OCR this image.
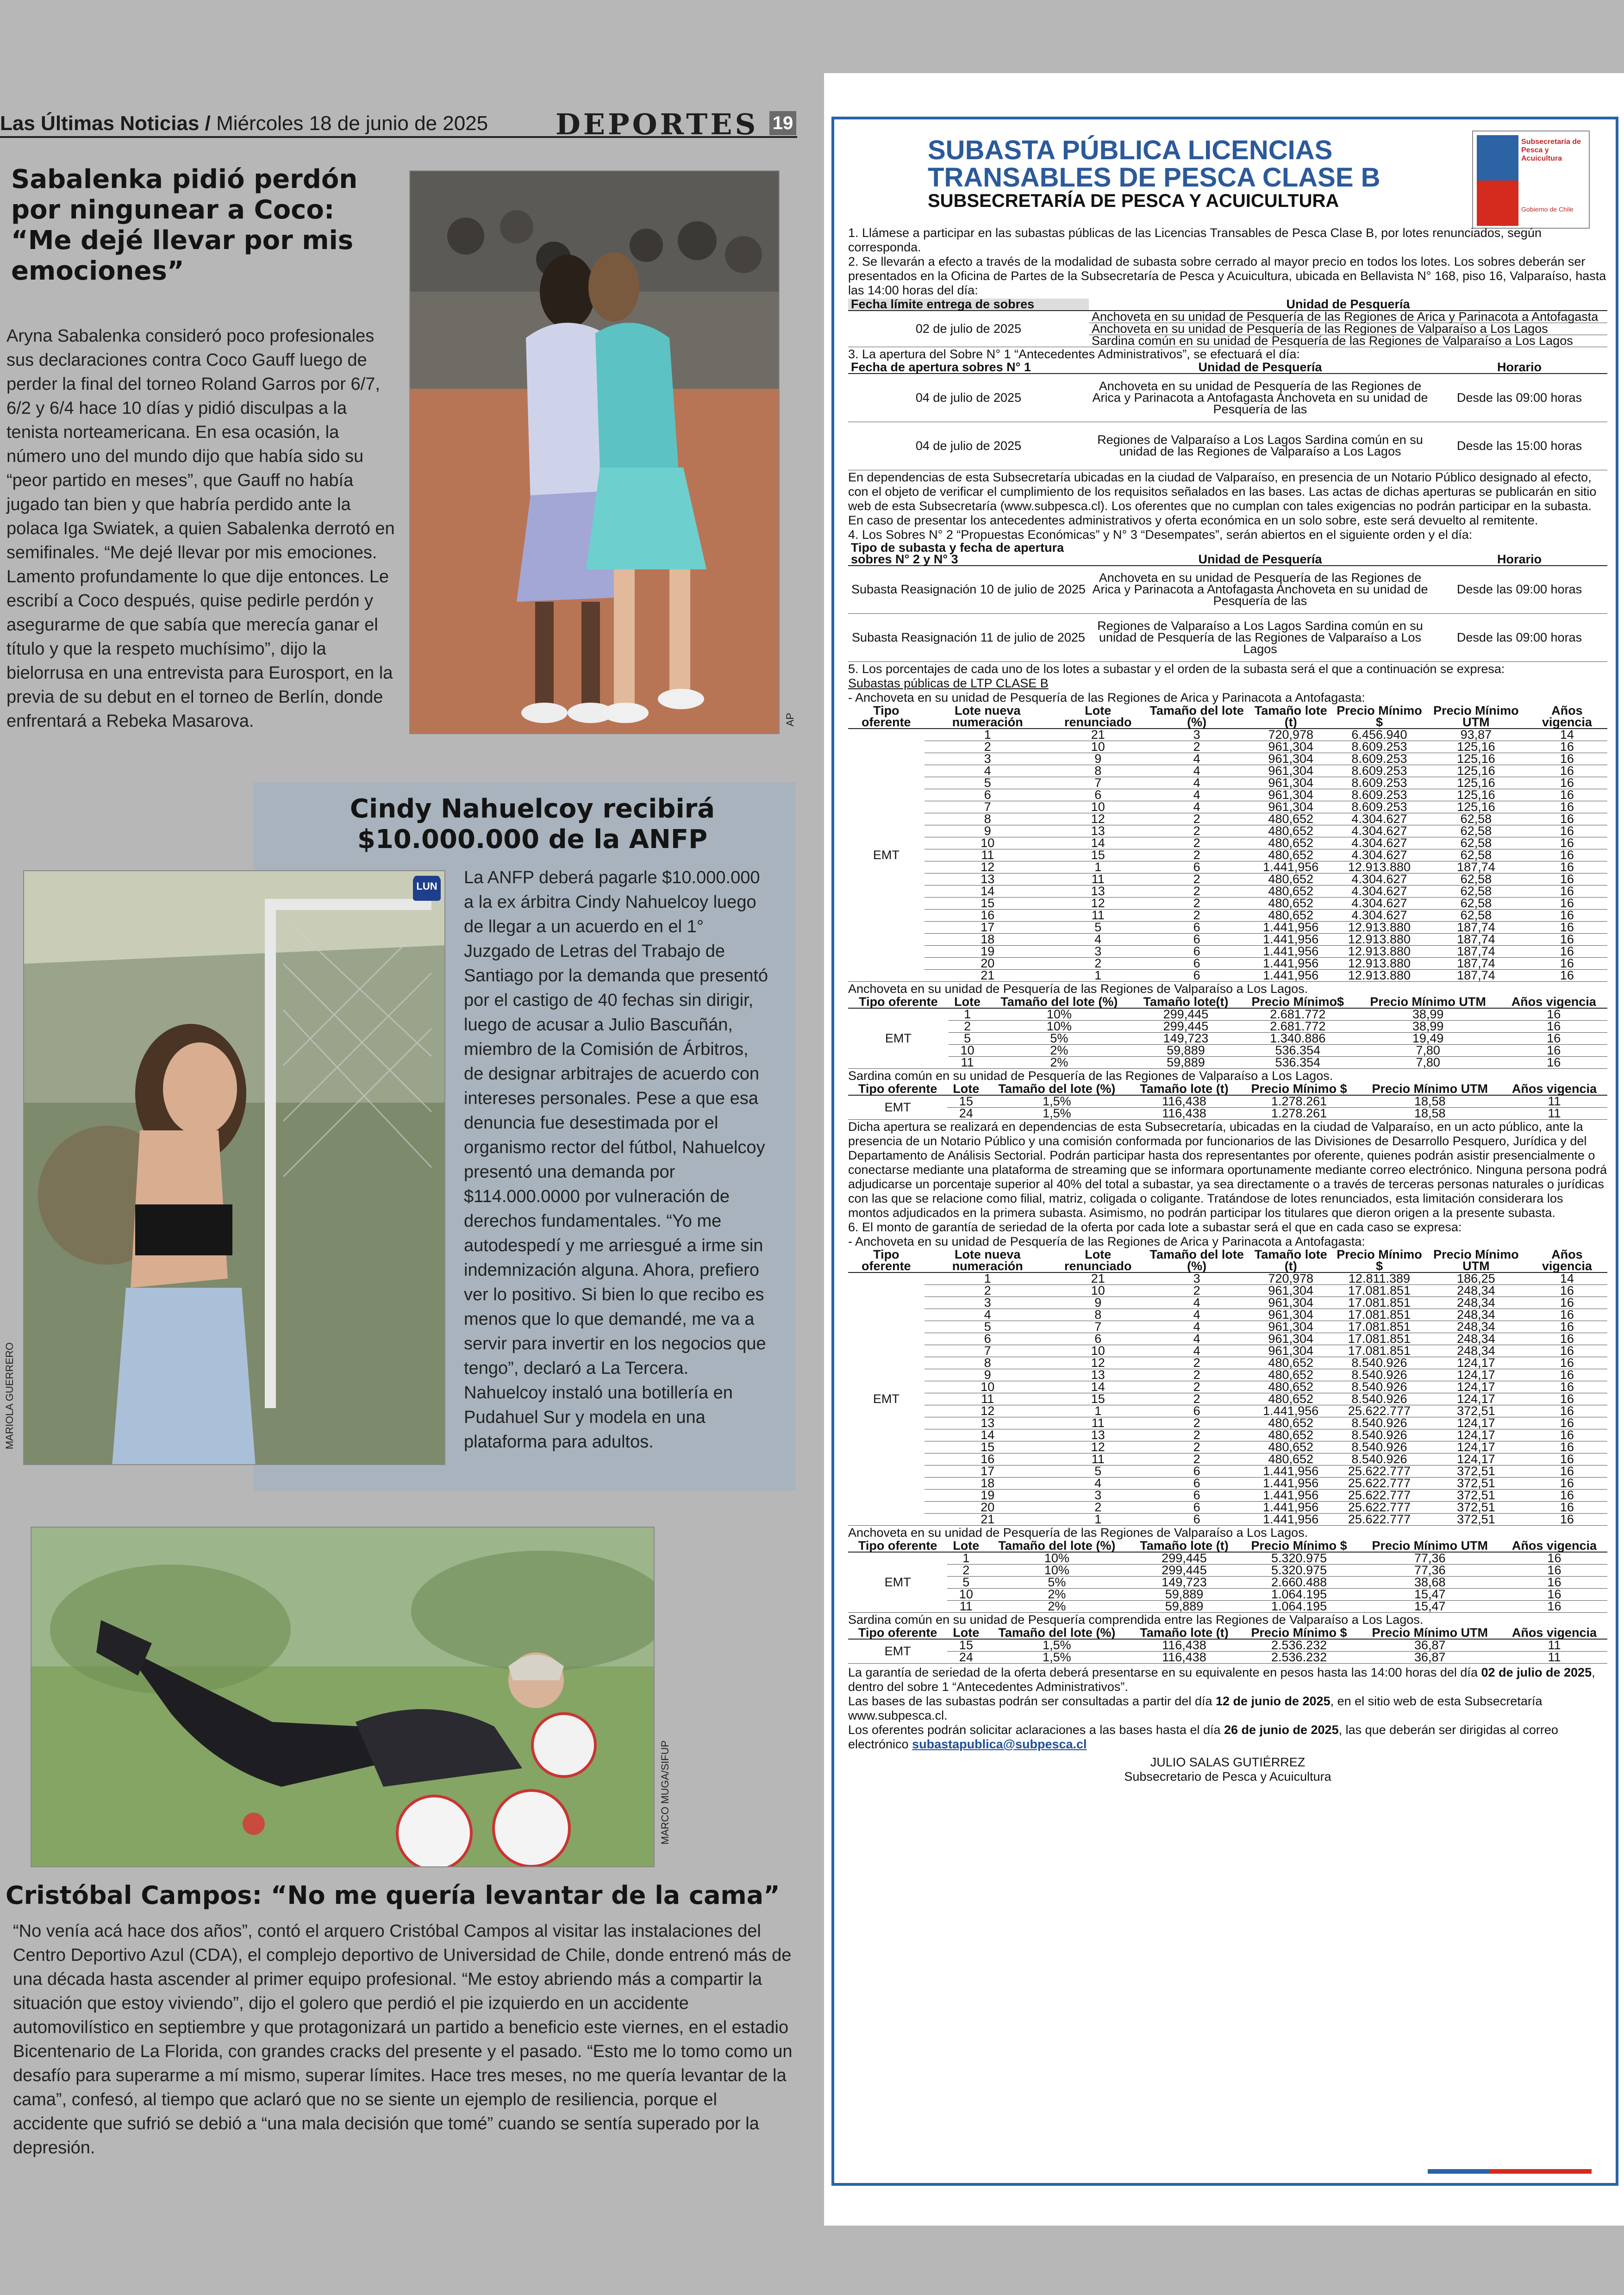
Las Últimas Noticias / Miércoles 18 de junio de 2025 DEPORTES 19
Sabalenka pidió perdón por ningunear a Coco: “Me dejé llevar por mis emociones”

Aryna Sabalenka consideró poco profesionales sus declaraciones contra Coco Gauff luego de perder la final del torneo Roland Garros por 6/7, 6/2 y 6/4 hace 10 días y pidió disculpas a la tenista norteamericana. En esa ocasión, la número uno del mundo dijo que había sido su “peor partido en meses”, que Gauff no había jugado tan bien y que habría perdido ante la polaca Iga Swiatek, a quien Sabalenka derrotó en semifinales. “Me dejé llevar por mis emociones. Lamento profundamente lo que dije entonces. Le escribí a Coco después, quise pedirle perdón y asegurarme de que sabía que merecía ganar el título y que la respeto muchísimo”, dijo la bielorrusa en una entrevista para Eurosport, en la previa de su debut en el torneo de Berlín, donde enfrentará a Rebeka Masarova.	AP
Cindy Nahuelcoy recibirá $10.000.000 de la ANFP
LUN
MARIOLA GUERRERO

La ANFP deberá pagarle $10.000.000 a la ex árbitra Cindy Nahuelcoy luego de llegar a un acuerdo en el 1° Juzgado de Letras del Trabajo de Santiago por la demanda que presentó por el castigo de 40 fechas sin dirigir, luego de acusar a Julio Bascuñán, miembro de la Comisión de Árbitros, de designar arbitrajes de acuerdo con intereses personales. Pese a que esa denuncia fue desestimada por el organismo rector del fútbol, Nahuelcoy presentó una demanda por $114.000.0000 por vulneración de derechos fundamentales. “Yo me autodespedí y me arriesgué a irme sin indemnización alguna. Ahora, prefiero ver lo positivo. Si bien lo que recibo es menos que lo que demandé, me va a servir para invertir en los negocios que tengo”, declaró a La Tercera. Nahuelcoy instaló una botillería en Pudahuel Sur y modela en una plataforma para adultos.

MARCO MUGA/SIFUP
Cristóbal Campos: “No me quería levantar de la cama”

“No venía acá hace dos años”, contó el arquero Cristóbal Campos al visitar las instalaciones del Centro Deportivo Azul (CDA), el complejo deportivo de Universidad de Chile, donde entrenó más de una década hasta ascender al primer equipo profesional. “Me estoy abriendo más a compartir la situación que estoy viviendo”, dijo el golero que perdió el pie izquierdo en un accidente automovilístico en septiembre y que protagonizará un partido a beneficio este viernes, en el estadio Bicentenario de La Florida, con grandes cracks del presente y el pasado. “Esto me lo tomo como un desafío para superarme a mí mismo, superar límites. Hace tres meses, no me quería levantar de la cama”, confesó, al tiempo que aclaró que no se siente un ejemplo de resiliencia, porque el accidente que sufrió se debió a “una mala decisión que tomé” cuando se sentía superado por la depresión.

SUBASTA PÚBLICA LICENCIAS
TRANSABLES DE PESCA CLASE B
SUBSECRETARÍA DE PESCA Y ACUICULTURA
Subsecretaría de Pesca y Acuicultura
Gobierno de Chile
1. Llámese a participar en las subastas públicas de las Licencias Transables de Pesca Clase B, por lotes renunciados, según corresponda.
2. Se llevarán a efecto a través de la modalidad de subasta sobre cerrado al mayor precio en todos los lotes. Los sobres deberán ser presentados en la Oficina de Partes de la Subsecretaría de Pesca y Acuicultura, ubicada en Bellavista N° 168, piso 16, Valparaíso, hasta las 14:00 horas del día:
Fecha límite entrega de sobres	Unidad de Pesquería
02 de julio de 2025	Anchoveta en su unidad de Pesquería de las Regiones de Arica y Parinacota a Antofagasta
	Anchoveta en su unidad de Pesquería de las Regiones de Valparaíso a Los Lagos
	Sardina común en su unidad de Pesquería de las Regiones de Valparaíso a Los Lagos
3. La apertura del Sobre N° 1 “Antecedentes Administrativos”, se efectuará el día:
Fecha de apertura sobres N° 1	Unidad de Pesquería	Horario
04 de julio de 2025	Anchoveta en su unidad de Pesquería de las Regiones de Arica y Parinacota a Antofagasta Anchoveta en su unidad de Pesquería de las	Desde las 09:00 horas
04 de julio de 2025	Regiones de Valparaíso a Los Lagos Sardina común en su unidad de las Regiones de Valparaíso a Los Lagos	Desde las 15:00 horas
En dependencias de esta Subsecretaría ubicadas en la ciudad de Valparaíso, en presencia de un Notario Público designado al efecto, con el objeto de verificar el cumplimiento de los requisitos señalados en las bases. Las actas de dichas aperturas se publicarán en sitio web de esta Subsecretaría (www.subpesca.cl). Los oferentes que no cumplan con tales exigencias no podrán participar en la subasta. En caso de presentar los antecedentes administrativos y oferta económica en un solo sobre, este será devuelto al remitente.
4. Los Sobres N° 2 “Propuestas Económicas” y N° 3 “Desempates”, serán abiertos en el siguiente orden y el día:
Tipo de subasta y fecha de apertura sobres N° 2 y N° 3	Unidad de Pesquería	Horario
Subasta Reasignación 10 de julio de 2025	Anchoveta en su unidad de Pesquería de las Regiones de Arica y Parinacota a Antofagasta Anchoveta en su unidad de Pesquería de las	Desde las 09:00 horas
Subasta Reasignación 11 de julio de 2025	Regiones de Valparaíso a Los Lagos Sardina común en su unidad de Pesquería de las Regiones de Valparaíso a Los Lagos	Desde las 09:00 horas
5. Los porcentajes de cada uno de los lotes a subastar y el orden de la subasta será el que a continuación se expresa:
Subastas públicas de LTP CLASE B
- Anchoveta en su unidad de Pesquería de las Regiones de Arica y Parinacota a Antofagasta:
Tipo oferente	Lote nueva numeración	Lote renunciado	Tamaño del lote (%)	Tamaño lote (t)	Precio Mínimo $	Precio Mínimo UTM	Años vigencia
EMT	1	21	3	720,978	6.456.940	93,87	14
	2	10	2	961,304	8.609.253	125,16	16
	3	9	4	961,304	8.609.253	125,16	16
	4	8	4	961,304	8.609.253	125,16	16
	5	7	4	961,304	8.609.253	125,16	16
	6	6	4	961,304	8.609.253	125,16	16
	7	10	4	961,304	8.609.253	125,16	16
	8	12	2	480,652	4.304.627	62,58	16
	9	13	2	480,652	4.304.627	62,58	16
	10	14	2	480,652	4.304.627	62,58	16
	11	15	2	480,652	4.304.627	62,58	16
	12	1	6	1.441,956	12.913.880	187,74	16
	13	11	2	480,652	4.304.627	62,58	16
	14	13	2	480,652	4.304.627	62,58	16
	15	12	2	480,652	4.304.627	62,58	16
	16	11	2	480,652	4.304.627	62,58	16
	17	5	6	1.441,956	12.913.880	187,74	16
	18	4	6	1.441,956	12.913.880	187,74	16
	19	3	6	1.441,956	12.913.880	187,74	16
	20	2	6	1.441,956	12.913.880	187,74	16
	21	1	6	1.441,956	12.913.880	187,74	16
Anchoveta en su unidad de Pesquería de las Regiones de Valparaíso a Los Lagos.
Tipo oferente	Lote	Tamaño del lote (%)	Tamaño lote(t)	Precio Mínimo$	Precio Mínimo UTM	Años vigencia
EMT	1	10%	299,445	2.681.772	38,99	16
	2	10%	299,445	2.681.772	38,99	16
	5	5%	149,723	1.340.886	19,49	16
	10	2%	59,889	536.354	7,80	16
	11	2%	59,889	536.354	7,80	16
Sardina común en su unidad de Pesquería de las Regiones de Valparaíso a Los Lagos.
Tipo oferente	Lote	Tamaño del lote (%)	Tamaño lote (t)	Precio Mínimo $	Precio Mínimo UTM	Años vigencia
EMT	15	1,5%	116,438	1.278.261	18,58	11
	24	1,5%	116,438	1.278.261	18,58	11
Dicha apertura se realizará en dependencias de esta Subsecretaría, ubicadas en la ciudad de Valparaíso, en un acto público, ante la presencia de un Notario Público y una comisión conformada por funcionarios de las Divisiones de Desarrollo Pesquero, Jurídica y del Departamento de Análisis Sectorial. Podrán participar hasta dos representantes por oferente, quienes podrán asistir presencialmente o conectarse mediante una plataforma de streaming que se informara oportunamente mediante correo electrónico. Ninguna persona podrá adjudicarse un porcentaje superior al 40% del total a subastar, ya sea directamente o a través de terceras personas naturales o jurídicas con las que se relacione como filial, matriz, coligada o coligante. Tratándose de lotes renunciados, esta limitación considerara los montos adjudicados en la primera subasta. Asimismo, no podrán participar los titulares que dieron origen a la presente subasta.
6. El monto de garantía de seriedad de la oferta por cada lote a subastar será el que en cada caso se expresa:
- Anchoveta en su unidad de Pesquería de las Regiones de Arica y Parinacota a Antofagasta:
Tipo oferente	Lote nueva numeración	Lote renunciado	Tamaño del lote (%)	Tamaño lote (t)	Precio Mínimo $	Precio Mínimo UTM	Años vigencia
EMT	1	21	3	720,978	12.811.389	186,25	14
	2	10	2	961,304	17.081.851	248,34	16
	3	9	4	961,304	17.081.851	248,34	16
	4	8	4	961,304	17.081.851	248,34	16
	5	7	4	961,304	17.081.851	248,34	16
	6	6	4	961,304	17.081.851	248,34	16
	7	10	4	961,304	17.081.851	248,34	16
	8	12	2	480,652	8.540.926	124,17	16
	9	13	2	480,652	8.540.926	124,17	16
	10	14	2	480,652	8.540.926	124,17	16
	11	15	2	480,652	8.540.926	124,17	16
	12	1	6	1.441,956	25.622.777	372,51	16
	13	11	2	480,652	8.540.926	124,17	16
	14	13	2	480,652	8.540.926	124,17	16
	15	12	2	480,652	8.540.926	124,17	16
	16	11	2	480,652	8.540.926	124,17	16
	17	5	6	1.441,956	25.622.777	372,51	16
	18	4	6	1.441,956	25.622.777	372,51	16
	19	3	6	1.441,956	25.622.777	372,51	16
	20	2	6	1.441,956	25.622.777	372,51	16
	21	1	6	1.441,956	25.622.777	372,51	16
Anchoveta en su unidad de Pesquería de las Regiones de Valparaíso a Los Lagos.
Tipo oferente	Lote	Tamaño del lote (%)	Tamaño lote (t)	Precio Mínimo $	Precio Mínimo UTM	Años vigencia
EMT	1	10%	299,445	5.320.975	77,36	16
	2	10%	299,445	5.320.975	77,36	16
	5	5%	149,723	2.660.488	38,68	16
	10	2%	59,889	1.064.195	15,47	16
	11	2%	59,889	1.064.195	15,47	16
Sardina común en su unidad de Pesquería comprendida entre las Regiones de Valparaíso a Los Lagos.
Tipo oferente	Lote	Tamaño del lote (%)	Tamaño lote (t)	Precio Mínimo $	Precio Mínimo UTM	Años vigencia
EMT	15	1,5%	116,438	2.536.232	36,87	11
	24	1,5%	116,438	2.536.232	36,87	11
La garantía de seriedad de la oferta deberá presentarse en su equivalente en pesos hasta las 14:00 horas del día 02 de julio de 2025, dentro del sobre 1 “Antecedentes Administrativos”.
Las bases de las subastas podrán ser consultadas a partir del día 12 de junio de 2025, en el sitio web de esta Subsecretaría www.subpesca.cl.
Los oferentes podrán solicitar aclaraciones a las bases hasta el día 26 de junio de 2025, las que deberán ser dirigidas al correo electrónico subastapublica@subpesca.cl
JULIO SALAS GUTIÉRREZ
Subsecretario de Pesca y Acuicultura
